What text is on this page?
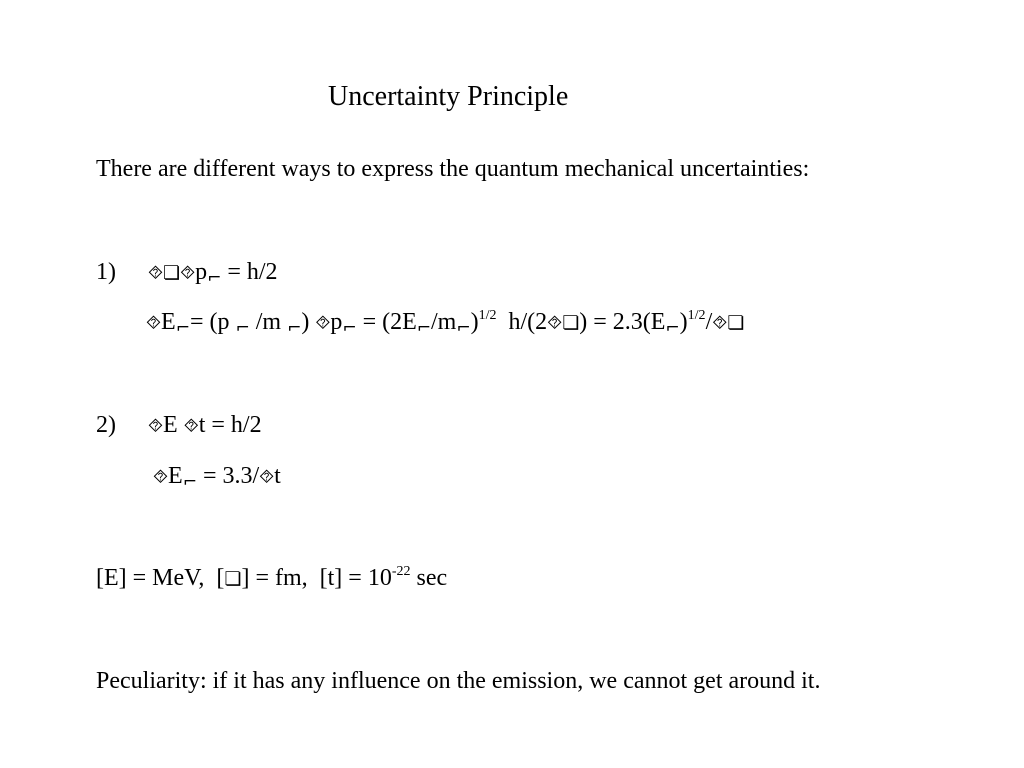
Uncertainty Principle
There are different ways to express the quantum mechanical uncertainties:
1) $⯑❏⯑p_⌐ = h/2$
$⯑E_⌐= (p$ $_⌐$ /m $_⌐$) $⯑p_⌐ = (2E_⌐/m_⌐)^{1/2}$  h/(2⯑❏) = $2.3(E_⌐)^{1/2}/⯑❏$
2) ⯑E ⯑t = h/2
$⯑E_⌐$ = 3.3/⯑t
[E] = MeV,  [❏] = fm,  $[t] = 10^{-22}$ sec
Peculiarity: if it has any influence on the emission, we cannot get around it.
